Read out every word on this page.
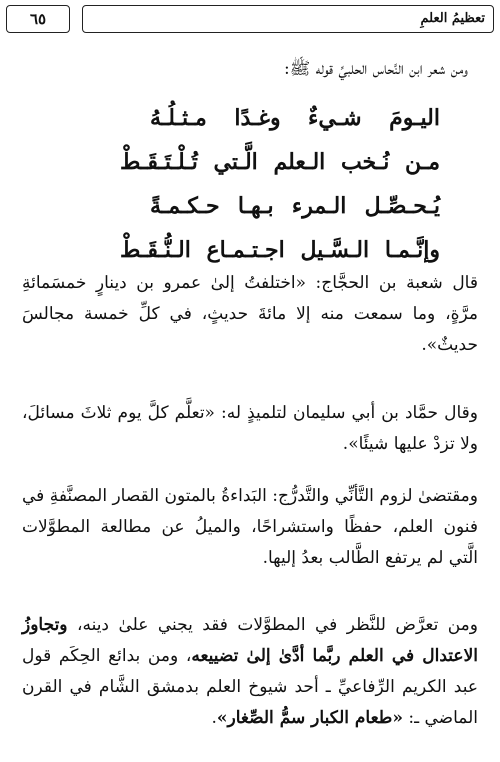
تعظيمُ العلمِ
٦٥
ومن شعر ابن النَّحاس الحلبيِّ قوله ﷺ:
اليـومَ شـيءٌ وغـدًا مـثـلُـهُ
مـن نُـخب الـعلم الَّـتي تُـلْـتَـقَـطْ
يُـحـصِّـل الـمرء بـهـا حـكـمـةً
وإنَّـمـا الـسَّـيل اجـتـمـاع الـنُّـقَـطْ
قال شعبة بن الحجَّاج: «اختلفتُ إلىٰ عمرو بن دينارٍ خمسَمائةِ مرَّةٍ، وما سمعت منه إلا مائةَ حديثٍ، في كلِّ خمسة مجالسَ حديثٌ».
وقال حمَّاد بن أبي سليمان لتلميذٍ له: «تعلَّم كلَّ يوم ثلاثَ مسائلَ، ولا تزدْ عليها شيئًا».
ومقتضىٰ لزوم التَّأنِّي والتَّدرُّج: البَداءةُ بالمتون القصار المصنَّفةِ في فنون العلم، حفظًا واستشراحًا، والميلُ عن مطالعة المطوَّلات الَّتي لم يرتفع الطَّالب بعدُ إليها.
ومن تعرَّض للنَّظر في المطوَّلات فقد يجني علىٰ دينه، وتجاوزُ الاعتدال في العلم ربَّما أدَّىٰ إلىٰ تضييعه، ومن بدائع الحِكَم قول عبد الكريم الرِّفاعيِّ ـ أحد شيوخ العلم بدمشق الشَّام في القرن الماضي ـ: «طعام الكبار سمُّ الصِّغار».
